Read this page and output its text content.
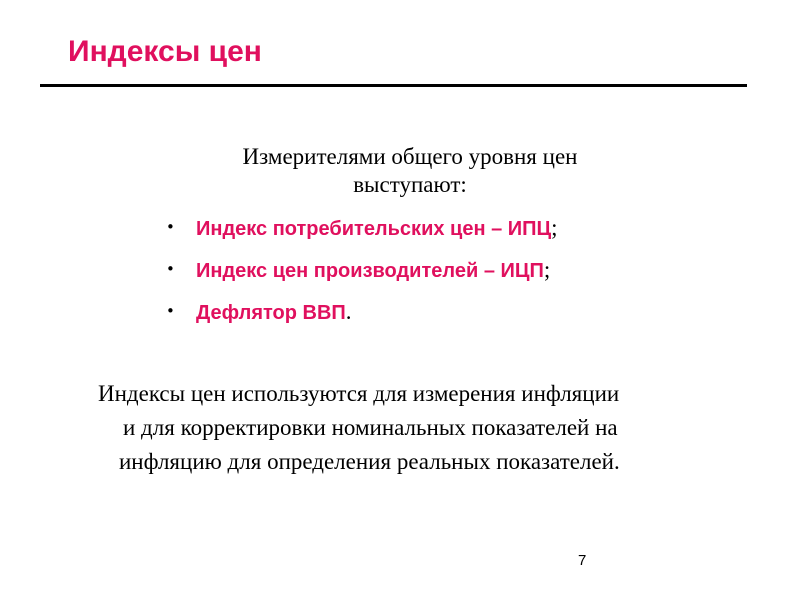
Индексы цен
Измерителями общего уровня цен
выступают:
• Индекс потребительских цен – ИПЦ;
• Индекс цен производителей – ИЦП;
• Дефлятор ВВП.
Индексы цен используются для измерения инфляции
и для корректировки номинальных показателей на
инфляцию для определения реальных показателей.
7
